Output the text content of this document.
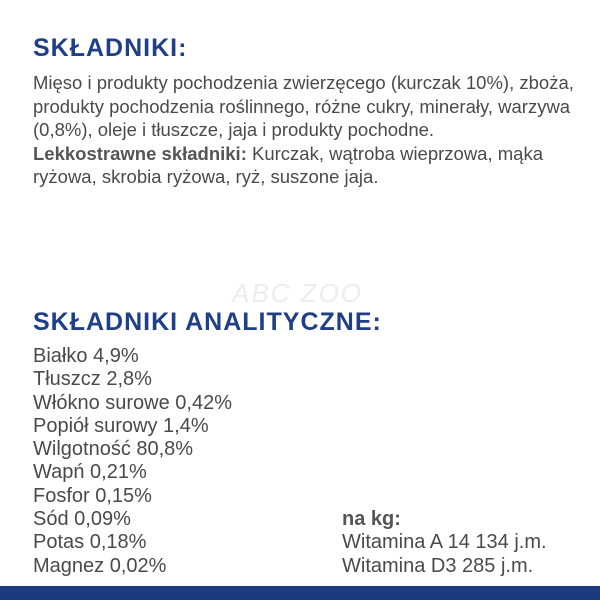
SKŁADNIKI:

Mięso i produkty pochodzenia zwierzęcego (kurczak 10%), zboża, produkty pochodzenia roślinnego, różne cukry, minerały, warzywa (0,8%), oleje i tłuszcze, jaja i produkty pochodne.

Lekkostrawne składniki: Kurczak, wątroba wieprzowa, mąka ryżowa, skrobia ryżowa, ryż, suszone jaja.

ABC ZOO
SKŁADNIKI ANALITYCZNE:
Białko 4,9%
Tłuszcz 2,8%
Włókno surowe 0,42%
Popiół surowy 1,4%
Wilgotność 80,8%
Wapń 0,21%
Fosfor 0,15%
Sód 0,09%
Potas 0,18%
Magnez 0,02%
na kg:
Witamina A 14 134 j.m.
Witamina D3 285 j.m.
